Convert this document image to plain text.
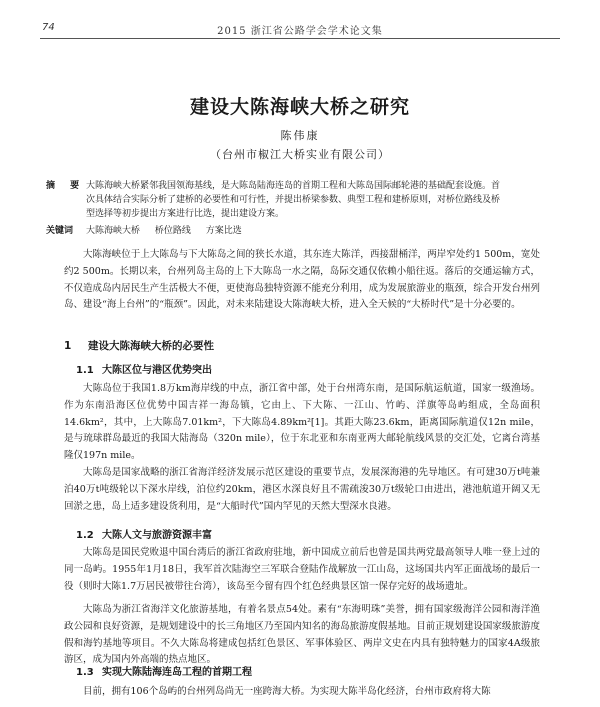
74	2015 浙江省公路学会学术论文集
建设大陈海峡大桥之研究
陈伟康
（台州市椒江大桥实业有限公司）
摘 要 大陈海峡大桥紧邻我国领海基线，是大陈岛陆海连岛的首期工程和大陈岛国际邮轮港的基础配套设施。首次具体结合实际分析了建桥的必要性和可行性，并提出桥梁参数、典型工程和建桥原则，对桥位路线及桥型选择等初步提出方案进行比选，提出建设方案。
关键词 大陈海峡大桥 桥位路线 方案比选

大陈海峡位于上大陈岛与下大陈岛之间的狭长水道，其东连大陈洋，西接甜桶洋，两岸窄处约1 500m，宽处约2 500m。长期以来，台州列岛主岛的上下大陈岛一水之隔，岛际交通仅依赖小船往返。落后的交通运输方式，不仅造成岛内居民生产生活极大不便，更使海岛独特资源不能充分利用，成为发展旅游业的瓶颈，综合开发台州列岛、建设“海上台州”的“瓶颈”。因此，对未来陆建设大陈海峡大桥，进入全天候的“大桥时代”是十分必要的。

1 建设大陈海峡大桥的必要性
1.1 大陈区位与港区优势突出

大陈岛位于我国1.8万km海岸线的中点，浙江省中部，处于台州湾东南，是国际航运航道，国家一级渔场。作为东南沿海区位优势中国吉祥一海岛镇，它由上、下大陈、一江山、竹屿、洋旗等岛屿组成，全岛面积14.6km²，其中，上大陈岛7.01km²，下大陈岛4.89km²[1]。其距大陈23.6km，距离国际航道仅12n mile，是与琉球群岛最近的我国大陆海岛（320n mile），位于东北亚和东南亚两大邮轮航线风景的交汇处，它离台湾基隆仅197n mile。

大陈岛是国家战略的浙江省海洋经济发展示范区建设的重要节点，发展深海港的先导地区。有可建30万t吨兼泊40万t吨级轮以下深水岸线，泊位约20km，港区水深良好且不需疏浚30万t级轮口由进出，港池航道开阔又无回淤之患，岛上适多建设货利用，是“大船时代”国内罕见的天然大型深水良港。

1.2 大陈人文与旅游资源丰富

大陈岛是国民党败退中国台湾后的浙江省政府驻地，新中国成立前后也曾是国共两党最高领导人唯一登上过的同一岛屿。1955年1月18日，我军首次陆海空三军联合登陆作战解放一江山岛，这场国共内军正面战场的最后一役（则时大陈1.7万居民被带往台湾），该岛至今留有四个红色经典景区馆一保存完好的战场遗址。

大陈岛为浙江省海洋文化旅游基地，有着名景点54处。素有“东海明珠”美誉，拥有国家级海洋公园和海洋渔政公园和良好资源，是规划建设中的长三角地区乃至国内知名的海岛旅游度假基地。目前正规划建设国家级旅游度假和海钓基地等项目。不久大陈岛将建成包括红色景区、军事体验区、两岸文史在内具有独特魅力的国家4A级旅游区，成为国内外高端的热点地区。

1.3 实现大陈陆海连岛工程的首期工程

目前，拥有106个岛屿的台州列岛尚无一座跨海大桥。为实现大陈半岛化经济，台州市政府将大陈
